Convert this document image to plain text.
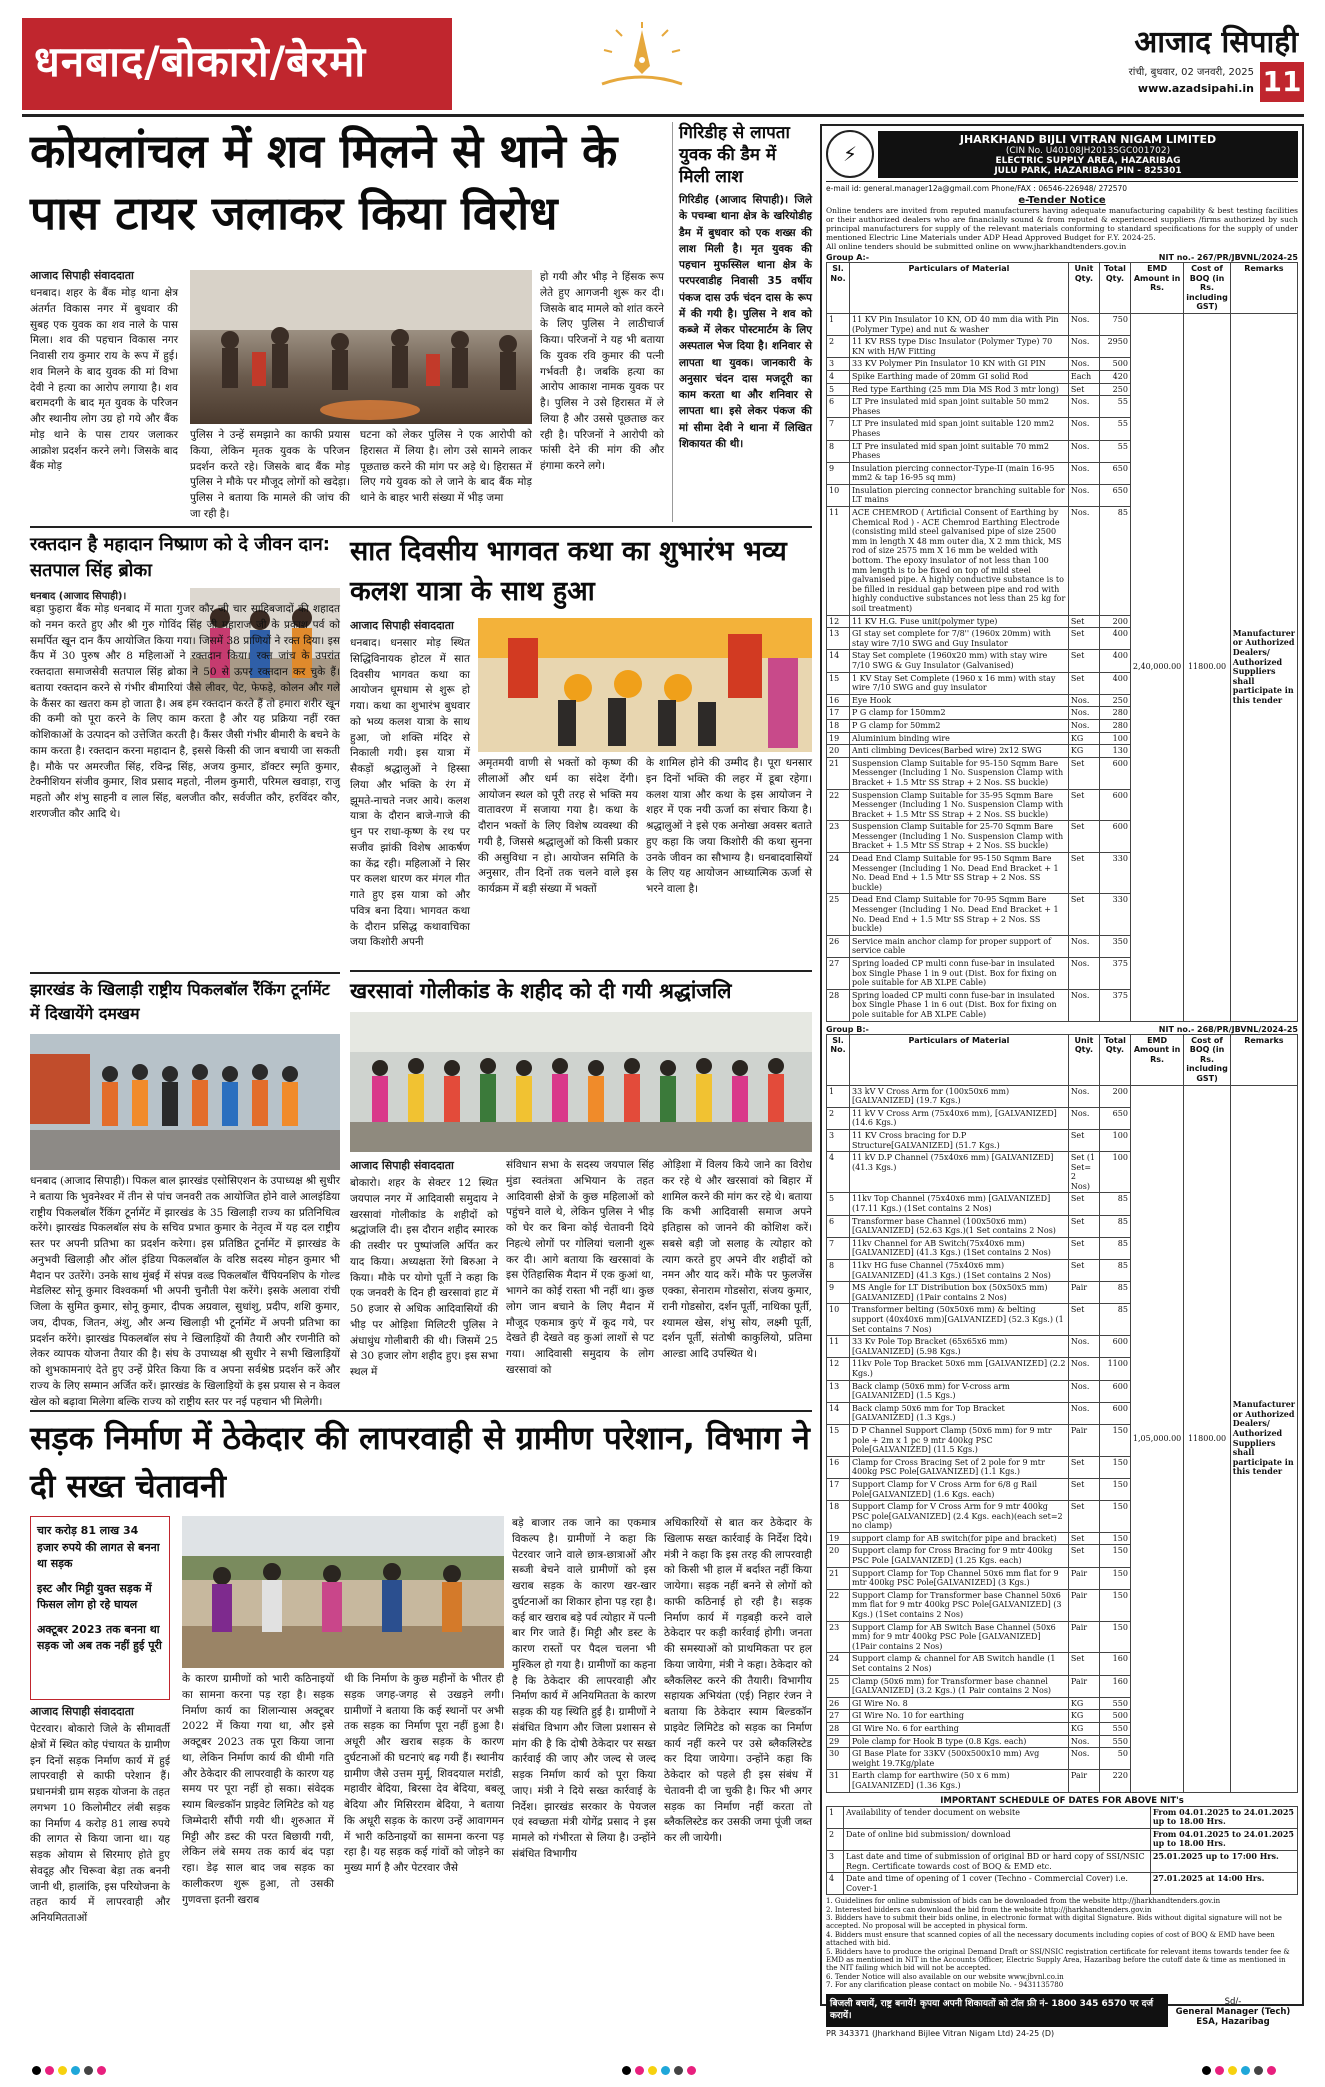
धनबाद/बोकारो/बेरमो	आजाद सिपाही
रांची, बुधवार, 02 जनवरी, 2025
www.azadsipahi.in 11
कोयलांचल में शव मिलने से थाने के पास टायर जलाकर किया विरोध
आजाद सिपाही संवाददाता
धनबाद। शहर के बैंक मोड़ थाना क्षेत्र अंतर्गत विकास नगर में बुधवार की सुबह एक युवक का शव नाले के पास मिला। शव की पहचान विकास नगर निवासी राय कुमार राय के रूप में हुई। शव मिलने के बाद युवक की मां विभा देवी ने हत्या का आरोप लगाया है। शव बरामदगी के बाद मृत युवक के परिजन और स्थानीय लोग उग्र हो गये और बैंक मोड़ थाने के पास टायर जलाकर आक्रोश प्रदर्शन करने लगे। जिसके बाद बैंक मोड़
पुलिस ने उन्हें समझाने का काफी प्रयास किया, लेकिन मृतक युवक के परिजन प्रदर्शन करते रहे। जिसके बाद बैंक मोड़ पुलिस ने मौके पर मौजूद लोगों को खदेड़ा। पुलिस ने बताया कि मामले की जांच की जा रही है।
घटना को लेकर पुलिस ने एक आरोपी को हिरासत में लिया है। लोग उसे सामने लाकर पूछताछ करने की मांग पर अड़े थे। हिरासत में लिए गये युवक को ले जाने के बाद बैंक मोड़ थाने के बाहर भारी संख्या में भीड़ जमा
हो गयी और भीड़ ने हिंसक रूप लेते हुए आगजनी शुरू कर दी। जिसके बाद मामले को शांत करने के लिए पुलिस ने लाठीचार्ज किया। परिजनों ने यह भी बताया कि युवक रवि कुमार की पत्नी गर्भवती है। जबकि हत्या का आरोप आकाश नामक युवक पर है। पुलिस ने उसे हिरासत में ले लिया है और उससे पूछताछ कर रही है। परिजनों ने आरोपी को फांसी देने की मांग की और हंगामा करने लगे।
गिरिडीह से लापता युवक की डैम में मिली लाश
गिरिडीह (आजाद सिपाही)। जिले के पचम्बा थाना क्षेत्र के खरियोडीह डैम में बुधवार को एक शख्स की लाश मिली है। मृत युवक की पहचान मुफस्सिल थाना क्षेत्र के परपरवाडीह निवासी 35 वर्षीय पंकज दास उर्फ चंदन दास के रूप में की गयी है। पुलिस ने शव को कब्जे में लेकर पोस्टमार्टम के लिए अस्पताल भेज दिया है। शनिवार से लापता था युवक। जानकारी के अनुसार चंदन दास मजदूरी का काम करता था और शनिवार से लापता था। इसे लेकर पंकज की मां सीमा देवी ने थाना में लिखित शिकायत की थी।
रक्तदान है महादान निष्प्राण को दे जीवन दान: सतपाल सिंह ब्रोका
धनबाद (आजाद सिपाही)।
बड़ा फुहारा बैंक मोड़ धनबाद में माता गुजर कौर जी चार साहिबजादों की शहादत को नमन करते हुए और श्री गुरु गोविंद सिंह जी महाराज जी के प्रकाश पर्व को समर्पित खून दान कैंप आयोजित किया गया। जिसमें 38 प्राणियों ने रक्त दिया। इस कैंप में 30 पुरुष और 8 महिलाओं ने रक्तदान किया। रक्त जांच के उपरांत रक्तदाता समाजसेवी सतपाल सिंह ब्रोका ने 50 से ऊपर रक्तदान कर चुके हैं। बताया रक्तदान करने से गंभीर बीमारियां जैसे लीवर, पेट, फेफड़े, कोलन और गले के कैंसर का खतरा कम हो जाता है। अब हम रक्तदान करते हैं तो हमारा शरीर खून की कमी को पूरा करने के लिए काम करता है और यह प्रक्रिया नहीं रक्त कोशिकाओं के उत्पादन को उत्तेजित करती है। कैंसर जैसी गंभीर बीमारी के बचने के काम करता है। रक्तदान करना महादान है, इससे किसी की जान बचायी जा सकती है। मौके पर अमरजीत सिंह, रविन्द्र सिंह, अजय कुमार, डॉक्टर स्मृति कुमार, टेक्नीशियन संजीव कुमार, शिव प्रसाद महतो, नीलम कुमारी, परिमल खवाड़ा, राजु महतो और शंभु साहनी व लाल सिंह, बलजीत कौर, सर्वजीत कौर, हरविंदर कौर, शरणजीत कौर आदि थे।
सात दिवसीय भागवत कथा का शुभारंभ भव्य कलश यात्रा के साथ हुआ
आजाद सिपाही संवाददाता
धनबाद। धनसार मोड़ स्थित सिद्धिविनायक होटल में सात दिवसीय भागवत कथा का आयोजन धूमधाम से शुरू हो गया। कथा का शुभारंभ बुधवार को भव्य कलश यात्रा के साथ हुआ, जो शक्ति मंदिर से निकाली गयी। इस यात्रा में सैकड़ों श्रद्धालुओं ने हिस्सा लिया और भक्ति के रंग में झूमते-नाचते नजर आये। कलश यात्रा के दौरान बाजे-गाजे की धुन पर राधा-कृष्ण के रथ पर सजीव झांकी विशेष आकर्षण का केंद्र रही। महिलाओं ने सिर पर कलश धारण कर मंगल गीत गाते हुए इस यात्रा को और पवित्र बना दिया। भागवत कथा के दौरान प्रसिद्ध कथावाचिका जया किशोरी अपनी
अमृतमयी वाणी से भक्तों को कृष्ण की लीलाओं और धर्म का संदेश देंगी। आयोजन स्थल को पूरी तरह से भक्ति मय वातावरण में सजाया गया है। कथा के दौरान भक्तों के लिए विशेष व्यवस्था की गयी है, जिससे श्रद्धालुओं को किसी प्रकार की असुविधा न हो। आयोजन समिति के अनुसार, तीन दिनों तक चलने वाले इस कार्यक्रम में बड़ी संख्या में भक्तों
के शामिल होने की उम्मीद है। पूरा धनसार इन दिनों भक्ति की लहर में डूबा रहेगा। कलश यात्रा और कथा के इस आयोजन ने शहर में एक नयी ऊर्जा का संचार किया है। श्रद्धालुओं ने इसे एक अनोखा अवसर बताते हुए कहा कि जया किशोरी की कथा सुनना उनके जीवन का सौभाग्य है। धनबादवासियों के लिए यह आयोजन आध्यात्मिक ऊर्जा से भरने वाला है।
झारखंड के खिलाड़ी राष्ट्रीय पिकलबॉल रैंकिंग टूर्नामेंट में दिखायेंगे दमखम
धनबाद (आजाद सिपाही)। पिकल बाल झारखंड एसोसिएशन के उपाध्यक्ष श्री सुधीर ने बताया कि भुवनेश्वर में तीन से पांच जनवरी तक आयोजित होने वाले आलइंडिया राष्ट्रीय पिकलबॉल रैंकिंग टूर्नामेंट में झारखंड के 35 खिलाड़ी राज्य का प्रतिनिधित्व करेंगे। झारखंड पिकलबॉल संघ के सचिव प्रभात कुमार के नेतृत्व में यह दल राष्ट्रीय स्तर पर अपनी प्रतिभा का प्रदर्शन करेगा। इस प्रतिष्ठित टूर्नामेंट में झारखंड के अनुभवी खिलाड़ी और ऑल इंडिया पिकलबॉल के वरिष्ठ सदस्य मोहन कुमार भी मैदान पर उतरेंगे। उनके साथ मुंबई में संपन्न वल्र्ड पिकलबॉल चैंपियनशिप के गोल्ड मेडलिस्ट सोनू कुमार विश्वकर्मा भी अपनी चुनौती पेश करेंगे। इसके अलावा रांची जिला के सुमित कुमार, सोनू कुमार, दीपक अग्रवाल, सुधांशु, प्रदीप, शशि कुमार, जय, दीपक, जितन, अंशु, और अन्य खिलाड़ी भी टूर्नामेंट में अपनी प्रतिभा का प्रदर्शन करेंगे। झारखंड पिकलबॉल संघ ने खिलाड़ियों की तैयारी और रणनीति को लेकर व्यापक योजना तैयार की है। संघ के उपाध्यक्ष श्री सुधीर ने सभी खिलाड़ियों को शुभकामनाएं देते हुए उन्हें प्रेरित किया कि व अपना सर्वश्रेष्ठ प्रदर्शन करें और राज्य के लिए सम्मान अर्जित करें। झारखंड के खिलाड़ियों के इस प्रयास से न केवल खेल को बढ़ावा मिलेगा बल्कि राज्य को राष्ट्रीय स्तर पर नई पहचान भी मिलेगी।
खरसावां गोलीकांड के शहीद को दी गयी श्रद्धांजलि
आजाद सिपाही संवाददाता
बोकारो। शहर के सेक्टर 12 स्थित जयपाल नगर में आदिवासी समुदाय ने खरसावां गोलीकांड के शहीदों को श्रद्धांजलि दी। इस दौरान शहीद स्मारक की तस्वीर पर पुष्पांजलि अर्पित कर याद किया। अध्यक्षता रेंगो बिरुआ ने किया। मौके पर योगो पूर्ती ने कहा कि एक जनवरी के दिन ही खरसावां हाट में 50 हजार से अधिक आदिवासियों की भीड़ पर ओड़िशा मिलिटरी पुलिस ने अंधाधुंध गोलीबारी की थी। जिसमें 25 से 30 हजार लोग शहीद हुए। इस सभा स्थल में
संविधान सभा के सदस्य जयपाल सिंह मुंडा स्वतंत्रता अभियान के तहत आदिवासी क्षेत्रों के कुछ महिलाओं को पहुंचने वाले थे, लेकिन पुलिस ने भीड़ को घेर कर बिना कोई चेतावनी दिये निहत्थे लोगों पर गोलियां चलानी शुरू कर दी। आगे बताया कि खरसावां के इस ऐतिहासिक मैदान में एक कुआं था, भागने का कोई रास्ता भी नहीं था। कुछ लोग जान बचाने के लिए मैदान में मौजूद एकमात्र कुएं में कूद गये, पर देखते ही देखते वह कुआं लाशों से पट गया। आदिवासी समुदाय के लोग खरसावां को
ओड़िशा में विलय किये जाने का विरोध कर रहे थे और खरसावां को बिहार में शामिल करने की मांग कर रहे थे। बताया कि कभी आदिवासी समाज अपने इतिहास को जानने की कोशिश करें। सबसे बड़ी जो सलाह के त्योहार को त्याग करते हुए अपने वीर शहीदों को नमन और याद करें। मौके पर फुलजेंस एक्का, सेनाराम गोडसोरा, संजय कुमार, रानी गोडसोरा, दर्शन पूर्ती, नाथिका पूर्ती, श्यामल खेस, शंभु सोय, लक्ष्मी पूर्ती, दर्शन पूर्ती, संतोषी काकुलियो, प्रतिमा आल्डा आदि उपस्थित थे।
सड़क निर्माण में ठेकेदार की लापरवाही से ग्रामीण परेशान, विभाग ने दी सख्त चेतावनी
चार करोड़ 81 लाख 34 हजार रुपये की लागत से बनना था सड़क
इस्ट और मिट्टी युक्त सड़क में फिसल लोग हो रहे घायल
अक्टूबर 2023 तक बनना था सड़क जो अब तक नहीं हुई पूरी
आजाद सिपाही संवाददाता
पेटरवार। बोकारो जिले के सीमावर्ती क्षेत्रों में स्थित कोह पंचायत के ग्रामीण इन दिनों सड़क निर्माण कार्य में हुई लापरवाही से काफी परेशान हैं। प्रधानमंत्री ग्राम सड़क योजना के तहत लगभग 10 किलोमीटर लंबी सड़क का निर्माण 4 करोड़ 81 लाख रुपये की लागत से किया जाना था। यह सड़क ओयाम से सिरमाए होते हुए सेवदूह और चिरूवा बेड़ा तक बननी जानी थी, हालांकि, इस परियोजना के तहत कार्य में लापरवाही और अनियमितताओं
के कारण ग्रामीणों को भारी कठिनाइयों का सामना करना पड़ रहा है। सड़क निर्माण कार्य का शिलान्यास अक्टूबर 2022 में किया गया था, और इसे अक्टूबर 2023 तक पूरा किया जाना था, लेकिन निर्माण कार्य की धीमी गति और ठेकेदार की लापरवाही के कारण यह समय पर पूरा नहीं हो सका। संवेदक स्याम बिल्डकॉन प्राइवेट लिमिटेड को यह जिम्मेदारी सौंपी गयी थी। शुरुआत में मिट्टी और डस्ट की परत बिछायी गयी, लेकिन लंबे समय तक कार्य बंद पड़ा रहा। डेढ़ साल बाद जब सड़क का कालीकरण शुरू हुआ, तो उसकी गुणवत्ता इतनी खराब
थी कि निर्माण के कुछ महीनों के भीतर ही सड़क जगह-जगह से उखड़ने लगी। ग्रामीणों ने बताया कि कई स्थानों पर अभी तक सड़क का निर्माण पूरा नहीं हुआ है। अधूरी और खराब सड़क के कारण दुर्घटनाओं की घटनाएं बढ़ गयी हैं। स्थानीय ग्रामीण जैसे उत्तम मुर्मू, शिवदयाल मरांडी, महावीर बेदिया, बिरसा देव बेदिया, बबलू बेदिया और मिसिरराम बेदिया, ने बताया कि अधूरी सड़क के कारण उन्हें आवागमन में भारी कठिनाइयों का सामना करना पड़ रहा है। यह सड़क कई गांवों को जोड़ने का मुख्य मार्ग है और पेटरवार जैसे
बड़े बाजार तक जाने का एकमात्र विकल्प है। ग्रामीणों ने कहा कि पेटरवार जाने वाले छात्र-छात्राओं और सब्जी बेचने वाले ग्रामीणों को इस खराब सड़क के कारण खर-खार दुर्घटनाओं का शिकार होना पड़ रहा है। कई बार खराब बड़े पर्व त्योहार में पत्नी बार गिर जाते हैं। मिट्टी और डस्ट के कारण रास्तों पर पैदल चलना भी मुश्किल हो गया है। ग्रामीणों का कहना है कि ठेकेदार की लापरवाही और निर्माण कार्य में अनियमितता के कारण सड़क की यह स्थिति हुई है। ग्रामीणों ने संबंधित विभाग और जिला प्रशासन से मांग की है कि दोषी ठेकेदार पर सख्त कार्रवाई की जाए और जल्द से जल्द सड़क निर्माण कार्य को पूरा किया जाए। मंत्री ने दिये सख्त कार्रवाई के निर्देश। झारखंड सरकार के पेयजल एवं स्वच्छता मंत्री योगेंद्र प्रसाद ने इस मामले को गंभीरता से लिया है। उन्होंने संबंधित विभागीय
अधिकारियों से बात कर ठेकेदार के खिलाफ सख्त कार्रवाई के निर्देश दिये। मंत्री ने कहा कि इस तरह की लापरवाही को किसी भी हाल में बर्दाश्त नहीं किया जायेगा। सड़क नहीं बनने से लोगों को काफी कठिनाई हो रही है। सड़क निर्माण कार्य में गड़बड़ी करने वाले ठेकेदार पर कड़ी कार्रवाई होगी। जनता की समस्याओं को प्राथमिकता पर हल किया जायेगा, मंत्री ने कहा। ठेकेदार को ब्लैकलिस्ट करने की तैयारी। विभागीय सहायक अभियंता (एई) निहार रंजन ने बताया कि ठेकेदार स्याम बिल्डकॉन प्राइवेट लिमिटेड को सड़क का निर्माण कार्य नहीं करने पर उसे ब्लैकलिस्टेड कर दिया जायेगा। उन्होंने कहा कि ठेकेदार को पहले ही इस संबंध में चेतावनी दी जा चुकी है। फिर भी अगर सड़क का निर्माण नहीं करता तो ब्लैकलिस्टेड कर उसकी जमा पूंजी जब्त कर ली जायेगी।
⚡
JHARKHAND BIJLI VITRAN NIGAM LIMITED
(CIN No. U40108JH2013SGC001702)
ELECTRIC SUPPLY AREA, HAZARIBAG
JULU PARK, HAZARIBAG PIN - 825301
e-mail id: general.manager12a@gmail.com Phone/FAX : 06546-226948/ 272570
e-Tender Notice
Online tenders are invited from reputed manufacturers having adequate manufacturing capability & best testing facilities or their authorized dealers who are financially sound & from reputed & experienced suppliers /firms authorized by such principal manufacturers for supply of the relevant materials conforming to standard specifications for the supply of under mentioned Electric Line Materials under ADP Head Approved Budget for F.Y. 2024-25.
All online tenders should be submitted online on www.jharkhandtenders.gov.in
Group A:-	NIT no.- 267/PR/JBVNL/2024-25
Sl. No.	Particulars of Material	Unit Qty.	Total Qty.	EMD Amount in Rs.	Cost of BOQ (in Rs. including GST)	Remarks
1	11 KV Pin Insulator 10 KN, OD 40 mm dia with Pin (Polymer Type) and nut & washer	Nos.	750	2,40,000.00	11800.00	Manufacturer or Authorized Dealers/ Authorized Suppliers shall participate in this tender
2	11 KV RSS type Disc Insulator (Polymer Type) 70 KN with H/W Fitting	Nos.	2950			
3	33 KV Polymer Pin Insulator 10 KN with GI PIN	Nos.	500			
4	Spike Earthing made of 20mm GI solid Rod	Each	420			
5	Red type Earthing (25 mm Dia MS Rod 3 mtr long)	Set	250			
6	LT Pre insulated mid span joint suitable 50 mm2 Phases	Nos.	55			
7	LT Pre insulated mid span joint suitable 120 mm2 Phases	Nos.	55			
8	LT Pre insulated mid span joint suitable 70 mm2 Phases	Nos.	55			
9	Insulation piercing connector-Type-II (main 16-95 mm2 & tap 16-95 sq mm)	Nos.	650			
10	Insulation piercing connector branching suitable for LT mains	Nos.	650			
11	ACE CHEMROD ( Artificial Consent of Earthing by Chemical Rod ) - ACE Chemrod Earthing Electrode (consisting mild steel galvanised pipe of size 2500 mm in length X 48 mm outer dia, X 2 mm thick, MS rod of size 2575 mm X 16 mm be welded with bottom. The epoxy insulator of not less than 100 mm length is to be fixed on top of mild steel galvanised pipe. A highly conductive substance is to be filled in residual gap between pipe and rod with highly conductive substances not less than 25 kg for soil treatment)	Nos.	85			
12	11 KV H.G. Fuse unit(polymer type)	Set	200			
13	GI stay set complete for 7/8'' (1960x 20mm) with stay wire 7/10 SWG and Guy Insulator	Set	400			
14	Stay Set complete (1960x20 mm) with stay wire 7/10 SWG & Guy Insulator (Galvanised)	Set	400			
15	1 KV Stay Set Complete (1960 x 16 mm) with stay wire 7/10 SWG and guy insulator	Set	400			
16	Eye Hook	Nos.	250			
17	P G clamp for 150mm2	Nos.	280			
18	P G clamp for 50mm2	Nos.	280			
19	Aluminium binding wire	KG	100			
20	Anti climbing Devices(Barbed wire) 2x12 SWG	KG	130			
21	Suspension Clamp Suitable for 95-150 Sqmm Bare Messenger (Including 1 No. Suspension Clamp with Bracket + 1.5 Mtr SS Strap + 2 Nos. SS buckle)	Set	600			
22	Suspension Clamp Suitable for 35-95 Sqmm Bare Messenger (Including 1 No. Suspension Clamp with Bracket + 1.5 Mtr SS Strap + 2 Nos. SS buckle)	Set	600			
23	Suspension Clamp Suitable for 25-70 Sqmm Bare Messenger (Including 1 No. Suspension Clamp with Bracket + 1.5 Mtr SS Strap + 2 Nos. SS buckle)	Set	600			
24	Dead End Clamp Suitable for 95-150 Sqmm Bare Messenger (Including 1 No. Dead End Bracket + 1 No. Dead End + 1.5 Mtr SS Strap + 2 Nos. SS buckle)	Set	330			
25	Dead End Clamp Suitable for 70-95 Sqmm Bare Messenger (Including 1 No. Dead End Bracket + 1 No. Dead End + 1.5 Mtr SS Strap + 2 Nos. SS buckle)	Set	330			
26	Service main anchor clamp for proper support of service cable	Nos.	350			
27	Spring loaded CP multi conn fuse-bar in insulated box Single Phase 1 in 9 out (Dist. Box for fixing on pole suitable for AB XLPE Cable)	Nos.	375			
28	Spring loaded CP multi conn fuse-bar in insulated box Single Phase 1 in 6 out (Dist. Box for fixing on pole suitable for AB XLPE Cable)	Nos.	375			
Group B:-	NIT no.- 268/PR/JBVNL/2024-25
Sl. No.	Particulars of Material	Unit Qty.	Total Qty.	EMD Amount in Rs.	Cost of BOQ (in Rs. including GST)	Remarks
1	33 kV V Cross Arm for (100x50x6 mm)[GALVANIZED] (19.7 Kgs.)	Nos.	200	1,05,000.00	11800.00	Manufacturer or Authorized Dealers/ Authorized Suppliers shall participate in this tender
2	11 kV V Cross Arm (75x40x6 mm), [GALVANIZED] (14.6 Kgs.)	Nos.	650			
3	11 KV Cross bracing for D.P Structure[GALVANIZED] (51.7 Kgs.)	Set	100			
4	11 kV D.P Channel (75x40x6 mm) [GALVANIZED] (41.3 Kgs.)	Set (1 Set= 2 Nos)	100			
5	11kv Top Channel (75x40x6 mm) [GALVANIZED] (17.11 Kgs.) (1Set contains 2 Nos)	Set	85			
6	Transformer base Channel (100x50x6 mm)[GALVANIZED] (52.63 Kgs.)(1 Set contains 2 Nos)	Set	85			
7	11kv Channel for AB Switch(75x40x6 mm) [GALVANIZED] (41.3 Kgs.) (1Set contains 2 Nos)	Set	85			
8	11kv HG fuse Channel (75x40x6 mm) [GALVANIZED] (41.3 Kgs.) (1Set contains 2 Nos)	Set	85			
9	MS Angle for LT Distribution box (50x50x5 mm) [GALVANIZED] (1Pair contains 2 Nos)	Pair	85			
10	Transformer belting (50x50x6 mm) & belting support (40x40x6 mm)[GALVANIZED] (52.3 Kgs.) (1 Set contains 7 Nos)	Set	85			
11	33 Kv Pole Top Bracket (65x65x6 mm) [GALVANIZED] (5.98 Kgs.)	Nos.	600			
12	11kv Pole Top Bracket 50x6 mm [GALVANIZED] (2.2 Kgs.)	Nos.	1100			
13	Back clamp (50x6 mm) for V-cross arm [GALVANIZED] (1.5 Kgs.)	Nos.	600			
14	Back clamp 50x6 mm for Top Bracket [GALVANIZED] (1.3 Kgs.)	Nos.	600			
15	D P Channel Support Clamp (50x6 mm) for 9 mtr pole + 2m x 1 pc 9 mtr 400kg PSC Pole[GALVANIZED] (11.5 Kgs.)	Pair	150			
16	Clamp for Cross Bracing Set of 2 pole for 9 mtr 400kg PSC Pole[GALVANIZED] (1.1 Kgs.)	Set	150			
17	Support Clamp for V Cross Arm for 6/8 g Rail Pole[GALVANIZED] (1.6 Kgs. each)	Set	150			
18	Support Clamp for V Cross Arm for 9 mtr 400kg PSC pole[GALVANIZED] (2.4 Kgs. each)(each set=2 no clamp)	Set	150			
19	support clamp for AB switch(for pipe and bracket)	Set	150			
20	Support clamp for Cross Bracing for 9 mtr 400kg PSC Pole [GALVANIZED] (1.25 Kgs. each)	Set	150			
21	Support Clamp for Top Channel 50x6 mm flat for 9 mtr 400kg PSC Pole[GALVANIZED] (3 Kgs.)	Pair	150			
22	Support Clamp for Transformer base Channel 50x6 mm flat for 9 mtr 400kg PSC Pole[GALVANIZED] (3 Kgs.) (1Set contains 2 Nos)	Pair	150			
23	Support Clamp for AB Switch Base Channel (50x6 mm) for 9 mtr 400kg PSC Pole [GALVANIZED] (1Pair contains 2 Nos)	Pair	150			
24	Support clamp & channel for AB Switch handle (1 Set contains 2 Nos)	Set	160			
25	Clamp (50x6 mm) for Transformer base channel [GALVANIZED] (3.2 Kgs.) (1 Pair contains 2 Nos)	Pair	160			
26	GI Wire No. 8	KG	550			
27	GI Wire No. 10 for earthing	KG	500			
28	GI Wire No. 6 for earthing	KG	550			
29	Pole clamp for Hook B type (0.8 Kgs. each)	Nos.	550			
30	GI Base Plate for 33KV (500x500x10 mm) Avg weight 19.7Kg/plate	Nos.	50			
31	Earth clamp for earthwire (50 x 6 mm)[GALVANIZED] (1.36 Kgs.)	Pair	220			
IMPORTANT SCHEDULE OF DATES FOR ABOVE NIT's
1	Availability of tender document on website	From 04.01.2025 to 24.01.2025 up to 18.00 Hrs.
2	Date of online bid submission/ download	From 04.01.2025 to 24.01.2025 up to 18.00 Hrs.
3	Last date and time of submission of original BD or hard copy of SSI/NSIC Regn. Certificate towards cost of BOQ & EMD etc.	25.01.2025 up to 17:00 Hrs.
4	Date and time of opening of 1 cover (Techno - Commercial Cover) i.e. Cover-1	27.01.2025 at 14:00 Hrs.
1. Guidelines for online submission of bids can be downloaded from the website http://jharkhandtenders.gov.in
2. Interested bidders can download the bid from the website http://jharkhandtenders.gov.in
3. Bidders have to submit their bids online, in electronic format with digital Signature. Bids without digital signature will not be accepted. No proposal will be accepted in physical form.
4. Bidders must ensure that scanned copies of all the necessary documents including copies of cost of BOQ & EMD have been attached with bid.
5. Bidders have to produce the original Demand Draft or SSI/NSIC registration certificate for relevant items towards tender fee & EMD as mentioned in NIT in the Accounts Officer, Electric Supply Area, Hazaribag before the cutoff date & time as mentioned in the NIT failing which bid will not be accepted.
6. Tender Notice will also available on our website www.jbvnl.co.in
7. For any clarification please contact on mobile No. - 9431135780
बिजली बचायें, राष्ट्र बनायें! कृपया अपनी शिकायतों को टॉल फ्री नं- 1800 345 6570 पर दर्ज करायें।
Sd/-
General Manager (Tech)
ESA, Hazaribag
PR 343371 (Jharkhand Bijlee Vitran Nigam Ltd) 24-25 (D)
